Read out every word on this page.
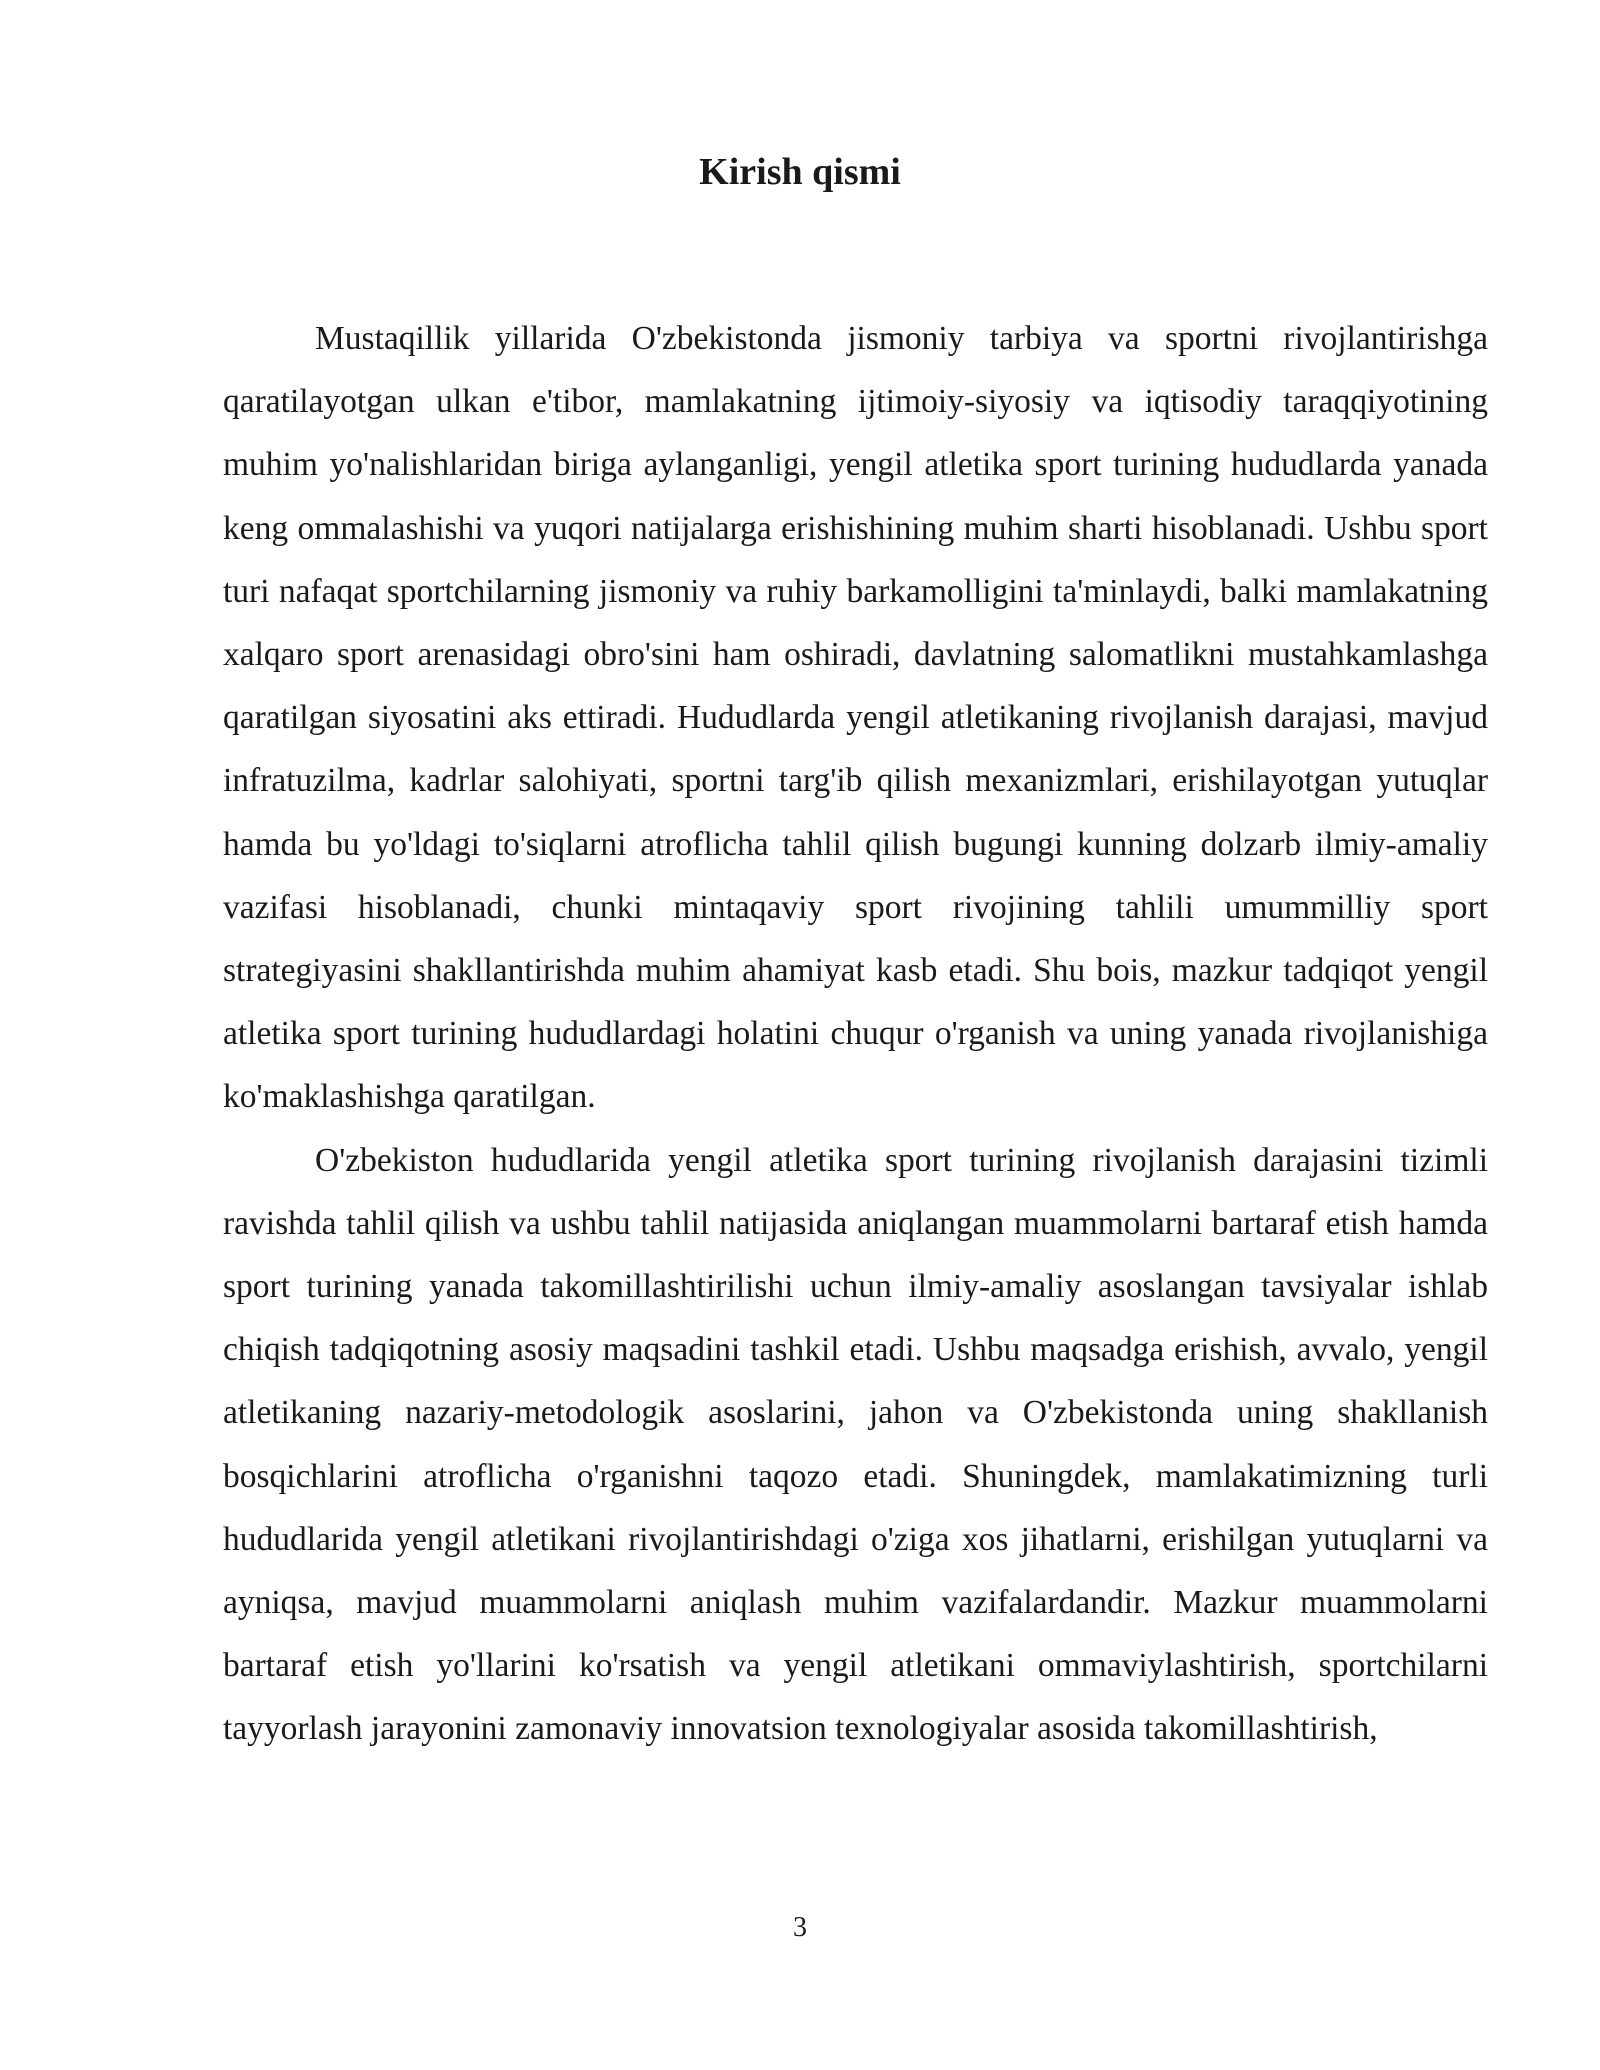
Kirish qismi

Mustaqillik yillarida O'zbekistonda jismoniy tarbiya va sportni rivojlantirishga qaratilayotgan ulkan e'tibor, mamlakatning ijtimoiy-siyosiy va iqtisodiy taraqqiyotining muhim yo'nalishlaridan biriga aylanganligi, yengil atletika sport turining hududlarda yanada keng ommalashishi va yuqori natijalarga erishishining muhim sharti hisoblanadi. Ushbu sport turi nafaqat sportchilarning jismoniy va ruhiy barkamolligini ta'minlaydi, balki mamlakatning xalqaro sport arenasidagi obro'sini ham oshiradi, davlatning salomatlikni mustahkamlashga qaratilgan siyosatini aks ettiradi. Hududlarda yengil atletikaning rivojlanish darajasi, mavjud infratuzilma, kadrlar salohiyati, sportni targ'ib qilish mexanizmlari, erishilayotgan yutuqlar hamda bu yo'ldagi to'siqlarni atroflicha tahlil qilish bugungi kunning dolzarb ilmiy-amaliy vazifasi hisoblanadi, chunki mintaqaviy sport rivojining tahlili umummilliy sport strategiyasini shakllantirishda muhim ahamiyat kasb etadi. Shu bois, mazkur tadqiqot yengil atletika sport turining hududlardagi holatini chuqur o'rganish va uning yanada rivojlanishiga ko'maklashishga qaratilgan.

O'zbekiston hududlarida yengil atletika sport turining rivojlanish darajasini tizimli ravishda tahlil qilish va ushbu tahlil natijasida aniqlangan muammolarni bartaraf etish hamda sport turining yanada takomillashtirilishi uchun ilmiy-amaliy asoslangan tavsiyalar ishlab chiqish tadqiqotning asosiy maqsadini tashkil etadi. Ushbu maqsadga erishish, avvalo, yengil atletikaning nazariy-metodologik asoslarini, jahon va O'zbekistonda uning shakllanish bosqichlarini atroflicha o'rganishni taqozo etadi. Shuningdek, mamlakatimizning turli hududlarida yengil atletikani rivojlantirishdagi o'ziga xos jihatlarni, erishilgan yutuqlarni va ayniqsa, mavjud muammolarni aniqlash muhim vazifalardandir. Mazkur muammolarni bartaraf etish yo'llarini ko'rsatish va yengil atletikani ommaviylashtirish, sportchilarni tayyorlash jarayonini zamonaviy innovatsion texnologiyalar asosida takomillashtirish,

3
